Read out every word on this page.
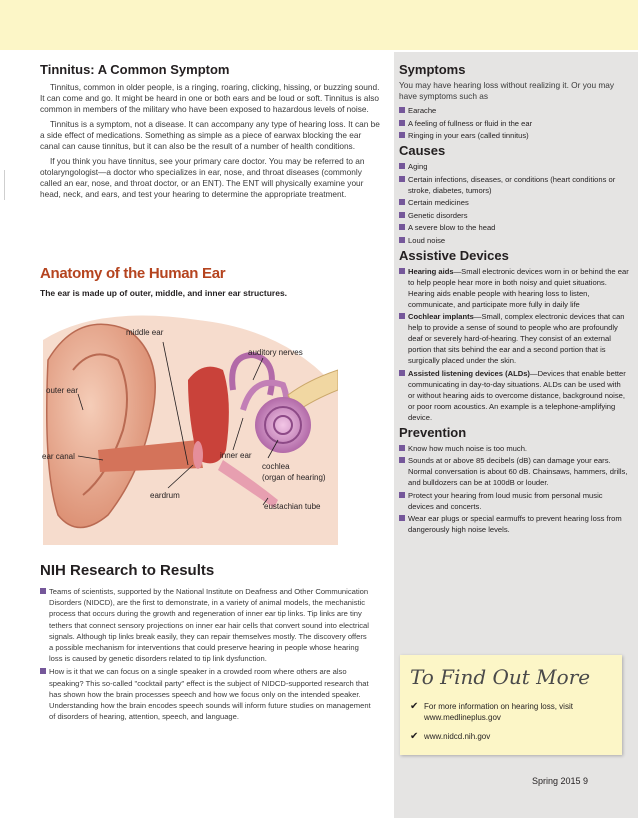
Tinnitus: A Common Symptom

Tinnitus, common in older people, is a ringing, roaring, clicking, hissing, or buzzing sound. It can come and go. It might be heard in one or both ears and be loud or soft. Tinnitus is also common in members of the military who have been exposed to hazardous levels of noise.

Tinnitus is a symptom, not a disease. It can accompany any type of hearing loss. It can be a side effect of medications. Something as simple as a piece of earwax blocking the ear canal can cause tinnitus, but it can also be the result of a number of health conditions.

If you think you have tinnitus, see your primary care doctor. You may be referred to an otolaryngologist—a doctor who specializes in ear, nose, and throat diseases (commonly called an ear, nose, and throat doctor, or an ENT). The ENT will physically examine your head, neck, and ears, and test your hearing to determine the appropriate treatment.

Anatomy of the Human Ear
The ear is made up of outer, middle, and inner ear structures.
middle ear
auditory nerves
outer ear
ear canal	inner ear
cochlea
(organ of hearing)
eardrum
eustachian tube
NIH Research to Results
Teams of scientists, supported by the National Institute on Deafness and Other Communication Disorders (NIDCD), are the first to demonstrate, in a variety of animal models, the mechanistic process that occurs during the growth and regeneration of inner ear tip links. Tip links are tiny tethers that connect sensory projections on inner ear hair cells that convert sound into electrical signals. Although tip links break easily, they can repair themselves mostly. The discovery offers a possible mechanism for interventions that could preserve hearing in people whose hearing loss is caused by genetic disorders related to tip link dysfunction.
How is it that we can focus on a single speaker in a crowded room where others are also speaking? This so-called "cocktail party" effect is the subject of NIDCD-supported research that has shown how the brain processes speech and how we focus only on the intended speaker. Understanding how the brain encodes speech sounds will inform future studies on management of disorders of hearing, attention, speech, and language.
Symptoms
You may have hearing loss without realizing it. Or you may have symptoms such as
Earache
A feeling of fullness or fluid in the ear
Ringing in your ears (called tinnitus)
Causes
Aging
Certain infections, diseases, or conditions (heart conditions or stroke, diabetes, tumors)
Certain medicines
Genetic disorders
A severe blow to the head
Loud noise
Assistive Devices
Hearing aids—Small electronic devices worn in or behind the ear to help people hear more in both noisy and quiet situations. Hearing aids enable people with hearing loss to listen, communicate, and participate more fully in daily life
Cochlear implants—Small, complex electronic devices that can help to provide a sense of sound to people who are profoundly deaf or severely hard-of-hearing. They consist of an external portion that sits behind the ear and a second portion that is surgically placed under the skin.
Assisted listening devices (ALDs)—Devices that enable better communicating in day-to-day situations. ALDs can be used with or without hearing aids to overcome distance, background noise, or poor room acoustics. An example is a telephone-amplifying device.
Prevention
Know how much noise is too much.
Sounds at or above 85 decibels (dB) can damage your ears. Normal conversation is about 60 dB. Chainsaws, hammers, drills, and bulldozers can be at 100dB or louder.
Protect your hearing from loud music from personal music devices and concerts.
Wear ear plugs or special earmuffs to prevent hearing loss from dangerously high noise levels.
To Find Out More
✔ For more information on hearing loss, visit www.medlineplus.gov
✔ www.nidcd.nih.gov
Spring 2015 9
